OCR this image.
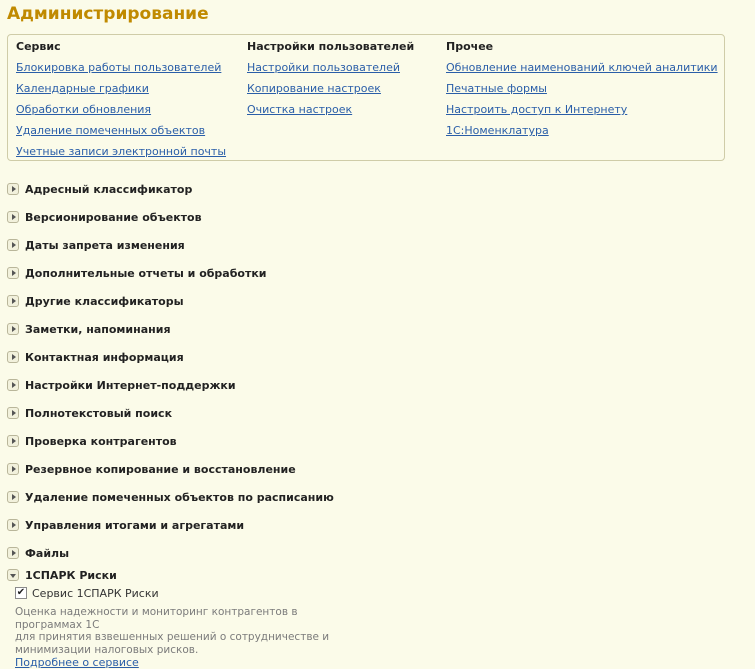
Администрирование
Сервис
Блокировка работы пользователей
Календарные графики
Обработки обновления
Удаление помеченных объектов
Учетные записи электронной почты
Настройки пользователей
Настройки пользователей
Копирование настроек
Очистка настроек
Прочее
Обновление наименований ключей аналитики
Печатные формы
Настроить доступ к Интернету
1С:Номенклатура
Адресный классификатор
Версионирование объектов
Даты запрета изменения
Дополнительные отчеты и обработки
Другие классификаторы
Заметки, напоминания
Контактная информация
Настройки Интернет-поддержки
Полнотекстовый поиск
Проверка контрагентов
Резервное копирование и восстановление
Удаление помеченных объектов по расписанию
Управления итогами и агрегатами
Файлы
1СПАРК Риски
✔ Сервис 1СПАРК Риски
Оценка надежности и мониторинг контрагентов в программах 1С
для принятия взвешенных решений о сотрудничестве и
минимизации налоговых рисков.
Подробнее о сервисе
